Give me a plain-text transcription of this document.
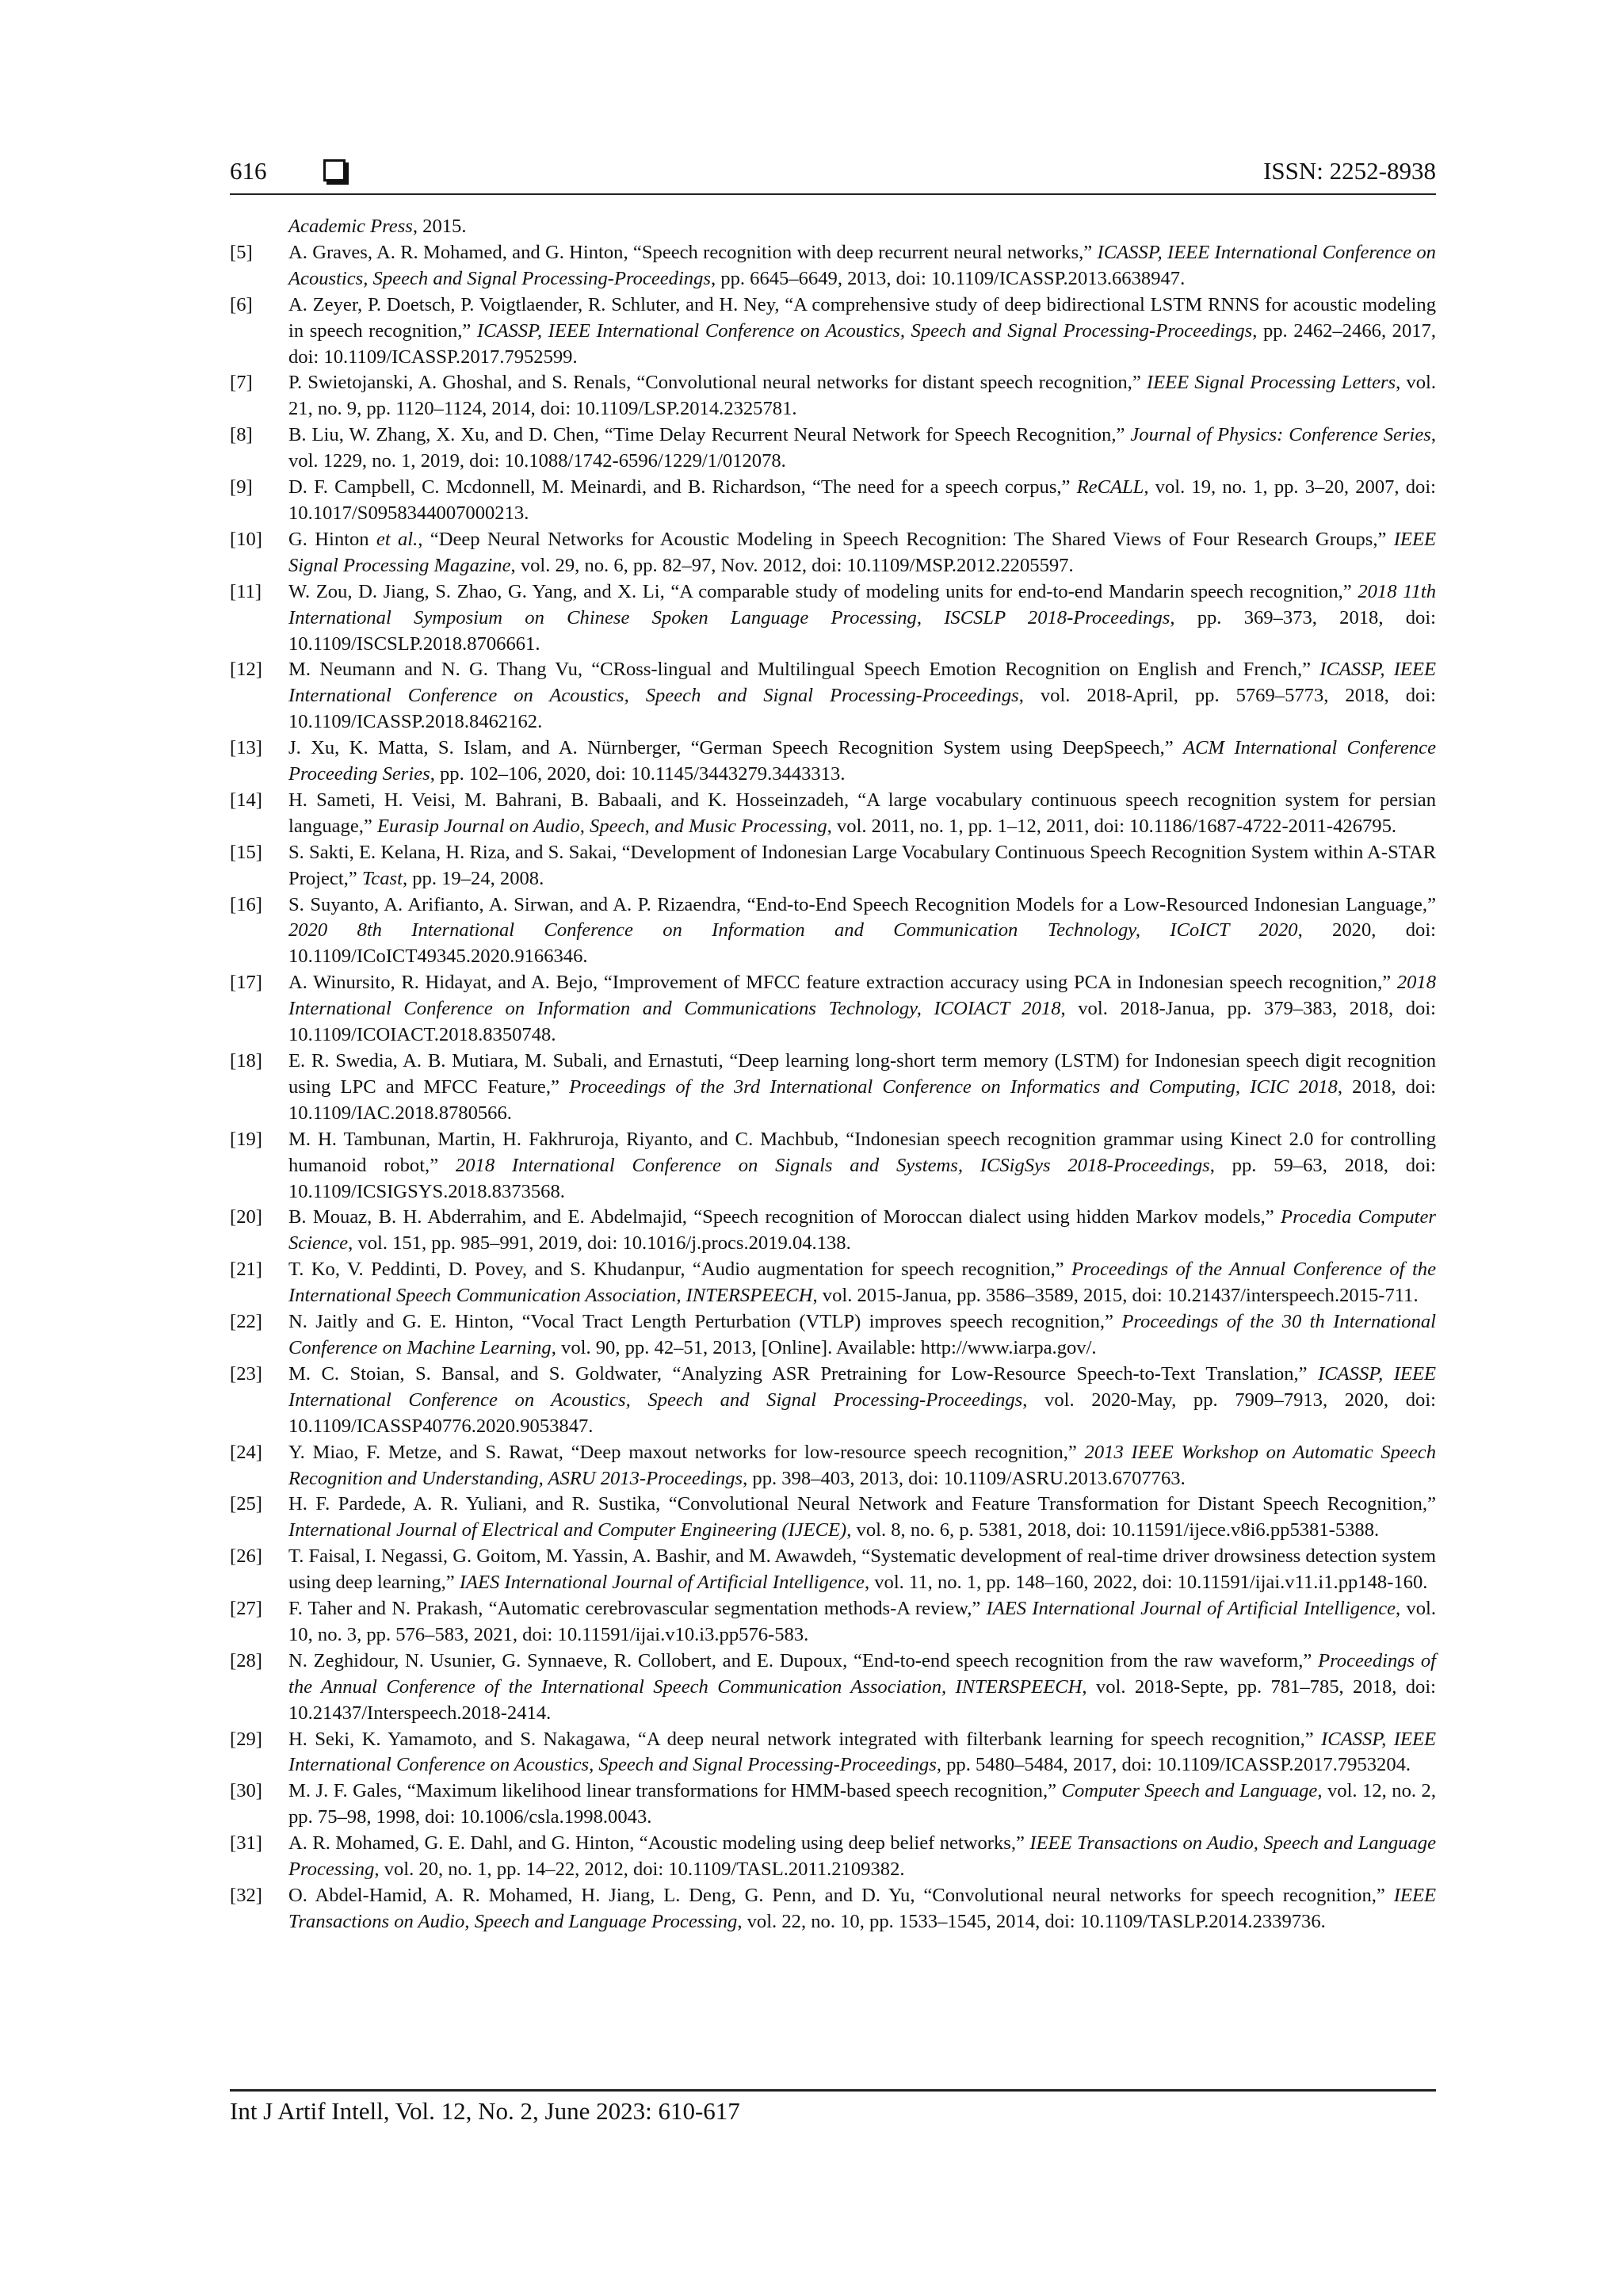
616	ISSN: 2252-8938
Academic Press, 2015.
[5]	A. Graves, A. R. Mohamed, and G. Hinton, “Speech recognition with deep recurrent neural networks,” ICASSP, IEEE International Conference on Acoustics, Speech and Signal Processing-Proceedings, pp. 6645–6649, 2013, doi: 10.1109/ICASSP.2013.6638947.
[6]	A. Zeyer, P. Doetsch, P. Voigtlaender, R. Schluter, and H. Ney, “A comprehensive study of deep bidirectional LSTM RNNS for acoustic modeling in speech recognition,” ICASSP, IEEE International Conference on Acoustics, Speech and Signal Processing-Proceedings, pp. 2462–2466, 2017, doi: 10.1109/ICASSP.2017.7952599.
[7]	P. Swietojanski, A. Ghoshal, and S. Renals, “Convolutional neural networks for distant speech recognition,” IEEE Signal Processing Letters, vol. 21, no. 9, pp. 1120–1124, 2014, doi: 10.1109/LSP.2014.2325781.
[8]	B. Liu, W. Zhang, X. Xu, and D. Chen, “Time Delay Recurrent Neural Network for Speech Recognition,” Journal of Physics: Conference Series, vol. 1229, no. 1, 2019, doi: 10.1088/1742-6596/1229/1/012078.
[9]	D. F. Campbell, C. Mcdonnell, M. Meinardi, and B. Richardson, “The need for a speech corpus,” ReCALL, vol. 19, no. 1, pp. 3–20, 2007, doi: 10.1017/S0958344007000213.
[10]	G. Hinton et al., “Deep Neural Networks for Acoustic Modeling in Speech Recognition: The Shared Views of Four Research Groups,” IEEE Signal Processing Magazine, vol. 29, no. 6, pp. 82–97, Nov. 2012, doi: 10.1109/MSP.2012.2205597.
[11]	W. Zou, D. Jiang, S. Zhao, G. Yang, and X. Li, “A comparable study of modeling units for end-to-end Mandarin speech recognition,” 2018 11th International Symposium on Chinese Spoken Language Processing, ISCSLP 2018-Proceedings, pp. 369–373, 2018, doi: 10.1109/ISCSLP.2018.8706661.
[12]	M. Neumann and N. G. Thang Vu, “CRoss-lingual and Multilingual Speech Emotion Recognition on English and French,” ICASSP, IEEE International Conference on Acoustics, Speech and Signal Processing-Proceedings, vol. 2018-April, pp. 5769–5773, 2018, doi: 10.1109/ICASSP.2018.8462162.
[13]	J. Xu, K. Matta, S. Islam, and A. Nürnberger, “German Speech Recognition System using DeepSpeech,” ACM International Conference Proceeding Series, pp. 102–106, 2020, doi: 10.1145/3443279.3443313.
[14]	H. Sameti, H. Veisi, M. Bahrani, B. Babaali, and K. Hosseinzadeh, “A large vocabulary continuous speech recognition system for persian language,” Eurasip Journal on Audio, Speech, and Music Processing, vol. 2011, no. 1, pp. 1–12, 2011, doi: 10.1186/1687-4722-2011-426795.
[15]	S. Sakti, E. Kelana, H. Riza, and S. Sakai, “Development of Indonesian Large Vocabulary Continuous Speech Recognition System within A-STAR Project,” Tcast, pp. 19–24, 2008.
[16]	S. Suyanto, A. Arifianto, A. Sirwan, and A. P. Rizaendra, “End-to-End Speech Recognition Models for a Low-Resourced Indonesian Language,” 2020 8th International Conference on Information and Communication Technology, ICoICT 2020, 2020, doi: 10.1109/ICoICT49345.2020.9166346.
[17]	A. Winursito, R. Hidayat, and A. Bejo, “Improvement of MFCC feature extraction accuracy using PCA in Indonesian speech recognition,” 2018 International Conference on Information and Communications Technology, ICOIACT 2018, vol. 2018-Janua, pp. 379–383, 2018, doi: 10.1109/ICOIACT.2018.8350748.
[18]	E. R. Swedia, A. B. Mutiara, M. Subali, and Ernastuti, “Deep learning long-short term memory (LSTM) for Indonesian speech digit recognition using LPC and MFCC Feature,” Proceedings of the 3rd International Conference on Informatics and Computing, ICIC 2018, 2018, doi: 10.1109/IAC.2018.8780566.
[19]	M. H. Tambunan, Martin, H. Fakhruroja, Riyanto, and C. Machbub, “Indonesian speech recognition grammar using Kinect 2.0 for controlling humanoid robot,” 2018 International Conference on Signals and Systems, ICSigSys 2018-Proceedings, pp. 59–63, 2018, doi: 10.1109/ICSIGSYS.2018.8373568.
[20]	B. Mouaz, B. H. Abderrahim, and E. Abdelmajid, “Speech recognition of Moroccan dialect using hidden Markov models,” Procedia Computer Science, vol. 151, pp. 985–991, 2019, doi: 10.1016/j.procs.2019.04.138.
[21]	T. Ko, V. Peddinti, D. Povey, and S. Khudanpur, “Audio augmentation for speech recognition,” Proceedings of the Annual Conference of the International Speech Communication Association, INTERSPEECH, vol. 2015-Janua, pp. 3586–3589, 2015, doi: 10.21437/interspeech.2015-711.
[22]	N. Jaitly and G. E. Hinton, “Vocal Tract Length Perturbation (VTLP) improves speech recognition,” Proceedings of the 30 th International Conference on Machine Learning, vol. 90, pp. 42–51, 2013, [Online]. Available: http://www.iarpa.gov/.
[23]	M. C. Stoian, S. Bansal, and S. Goldwater, “Analyzing ASR Pretraining for Low-Resource Speech-to-Text Translation,” ICASSP, IEEE International Conference on Acoustics, Speech and Signal Processing-Proceedings, vol. 2020-May, pp. 7909–7913, 2020, doi: 10.1109/ICASSP40776.2020.9053847.
[24]	Y. Miao, F. Metze, and S. Rawat, “Deep maxout networks for low-resource speech recognition,” 2013 IEEE Workshop on Automatic Speech Recognition and Understanding, ASRU 2013-Proceedings, pp. 398–403, 2013, doi: 10.1109/ASRU.2013.6707763.
[25]	H. F. Pardede, A. R. Yuliani, and R. Sustika, “Convolutional Neural Network and Feature Transformation for Distant Speech Recognition,” International Journal of Electrical and Computer Engineering (IJECE), vol. 8, no. 6, p. 5381, 2018, doi: 10.11591/ijece.v8i6.pp5381-5388.
[26]	T. Faisal, I. Negassi, G. Goitom, M. Yassin, A. Bashir, and M. Awawdeh, “Systematic development of real-time driver drowsiness detection system using deep learning,” IAES International Journal of Artificial Intelligence, vol. 11, no. 1, pp. 148–160, 2022, doi: 10.11591/ijai.v11.i1.pp148-160.
[27]	F. Taher and N. Prakash, “Automatic cerebrovascular segmentation methods-A review,” IAES International Journal of Artificial Intelligence, vol. 10, no. 3, pp. 576–583, 2021, doi: 10.11591/ijai.v10.i3.pp576-583.
[28]	N. Zeghidour, N. Usunier, G. Synnaeve, R. Collobert, and E. Dupoux, “End-to-end speech recognition from the raw waveform,” Proceedings of the Annual Conference of the International Speech Communication Association, INTERSPEECH, vol. 2018-Septe, pp. 781–785, 2018, doi: 10.21437/Interspeech.2018-2414.
[29]	H. Seki, K. Yamamoto, and S. Nakagawa, “A deep neural network integrated with filterbank learning for speech recognition,” ICASSP, IEEE International Conference on Acoustics, Speech and Signal Processing-Proceedings, pp. 5480–5484, 2017, doi: 10.1109/ICASSP.2017.7953204.
[30]	M. J. F. Gales, “Maximum likelihood linear transformations for HMM-based speech recognition,” Computer Speech and Language, vol. 12, no. 2, pp. 75–98, 1998, doi: 10.1006/csla.1998.0043.
[31]	A. R. Mohamed, G. E. Dahl, and G. Hinton, “Acoustic modeling using deep belief networks,” IEEE Transactions on Audio, Speech and Language Processing, vol. 20, no. 1, pp. 14–22, 2012, doi: 10.1109/TASL.2011.2109382.
[32]	O. Abdel-Hamid, A. R. Mohamed, H. Jiang, L. Deng, G. Penn, and D. Yu, “Convolutional neural networks for speech recognition,” IEEE Transactions on Audio, Speech and Language Processing, vol. 22, no. 10, pp. 1533–1545, 2014, doi: 10.1109/TASLP.2014.2339736.
Int J Artif Intell, Vol. 12, No. 2, June 2023: 610-617
